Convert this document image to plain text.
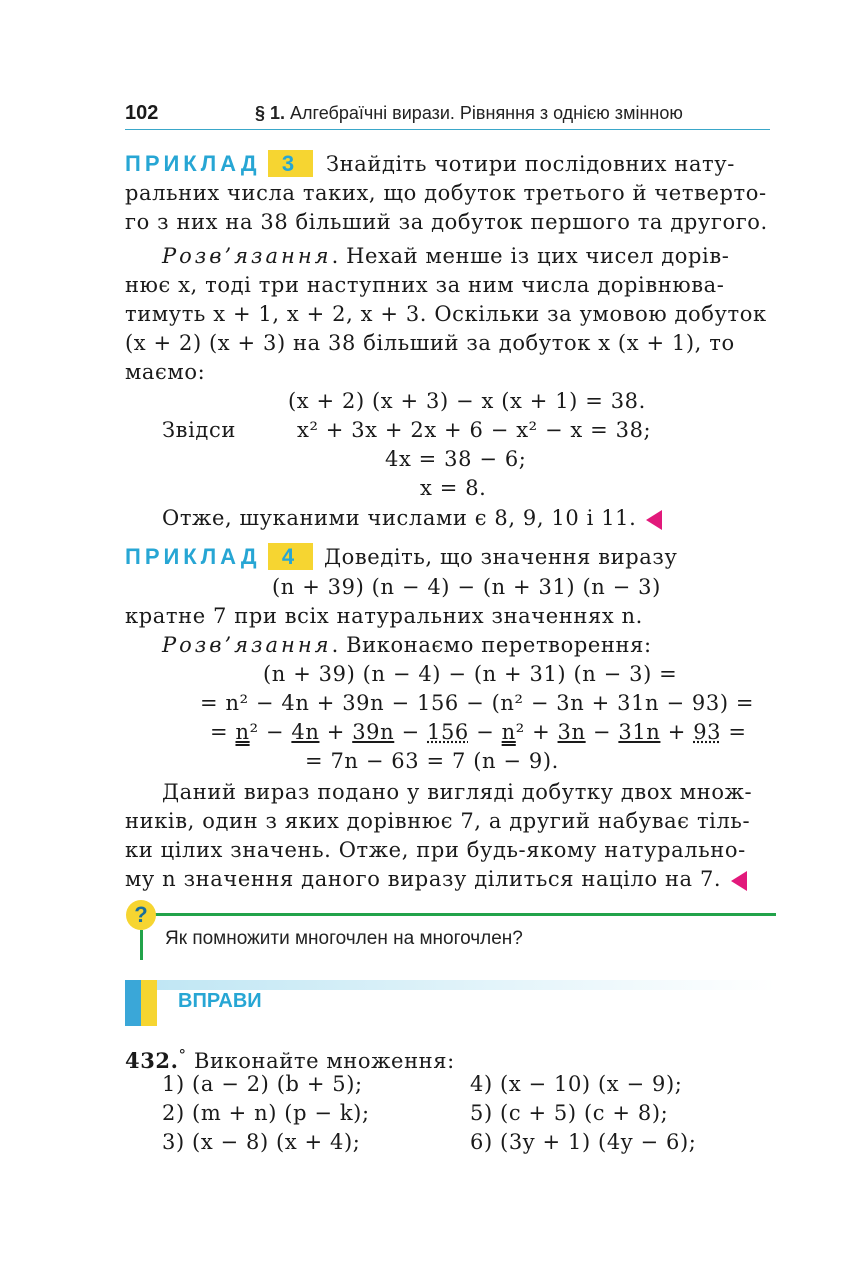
102	§ 1. Алгебраїчні вирази. Рівняння з однією змінною
ПРИКЛАД 3 Знайдіть чотири послідовних нату-
ральних числа таких, що добуток третього й четверто-
го з них на 38 більший за добуток першого та другого.
Розв’язання. Нехай менше із цих чисел дорів-
нює x, тоді три наступних за ним числа дорівнюва-
тимуть x + 1, x + 2, x + 3. Оскільки за умовою добуток
(x + 2) (x + 3) на 38 більший за добуток x (x + 1), то
маємо:
(x + 2) (x + 3) − x (x + 1) = 38.
Звідси	x² + 3x + 2x + 6 − x² − x = 38;
4x = 38 − 6;
x = 8.
Отже, шуканими числами є 8, 9, 10 і 11.
ПРИКЛАД 4 Доведіть, що значення виразу
(n + 39) (n − 4) − (n + 31) (n − 3)
кратне 7 при всіх натуральних значеннях n.
Розв’язання. Виконаємо перетворення:
(n + 39) (n − 4) − (n + 31) (n − 3) =
= n² − 4n + 39n − 156 − (n² − 3n + 31n − 93) =
= n² − 4n + 39n − 156 − n² + 3n − 31n + 93 =
= 7n − 63 = 7 (n − 9).
Даний вираз подано у вигляді добутку двох множ-
ників, один з яких дорівнює 7, а другий набуває тіль-
ки цілих значень. Отже, при будь-якому натурально-
му n значення даного виразу ділиться націло на 7.
?
Як помножити многочлен на многочлен?
ВПРАВИ
432.° Виконайте множення:
1) (a − 2) (b + 5);
2) (m + n) (p − k);
3) (x − 8) (x + 4);
4) (x − 10) (x − 9);
5) (c + 5) (c + 8);
6) (3y + 1) (4y − 6);
